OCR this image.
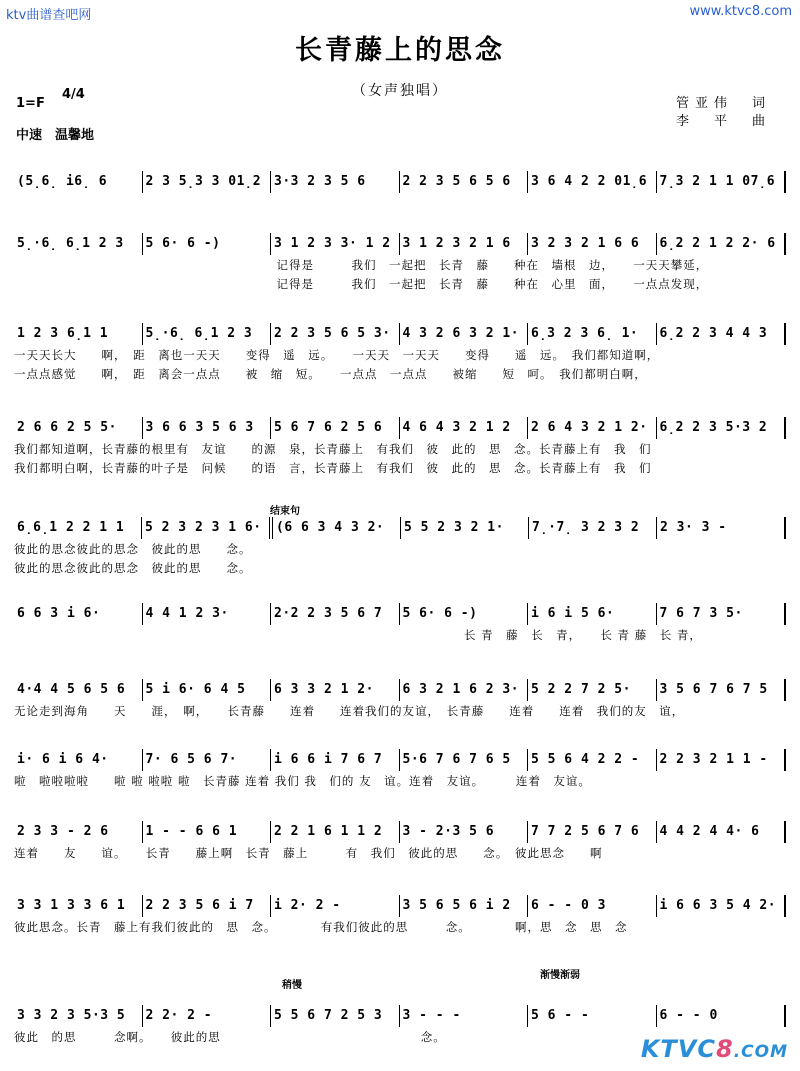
ktv曲谱查吧网	www.ktvc8.com
长青藤上的思念
（女声独唱）
1=F
4/4
中速　温馨地
管亚伟　词
李　平　曲
结束句
稍慢
渐慢渐弱
(5̣6̣ i6̣ 6	2 3 5̣3 3 01̣2 3·3 2 3 5 6	2 2 3 5 6 5 6	3 6 4 2 2 01̣6 7̣3 2 1 1 07̣6
5̣·6̣ 6̣1 2 3	5 6· 6 -)	3 1 2 3 3· 1 2 3 1 2 3 2 1 6	3 2 3 2 1 6 6	6̣2 2 1 2 2· 6
　　　　　　　　　　　　　　　　　　　　　记得是　　　我们　一起把　长青　藤　　种在　墙根　边，　　一天天攀延，
　　　　　　　　　　　　　　　　　　　　　记得是　　　我们　一起把　长青　藤　　种在　心里　面，　　一点点发现，
1 2 3 6̣1 1	5̣·6̣ 6̣1 2 3	2 2 3 5 6 5 3· 4 3 2 6 3 2 1· 6̣3 2 3 6̣ 1·	6̣2 2 3 4 4 3
一天天长大　　啊，　距　离也一天天　　变得　遥　远。　　一天天　一天天　　变得　　遥　远。　我们都知道啊，
一点点感觉　　啊，　距　离会一点点　　被　缩　短。　　一点点　一点点　　被缩　　短　呵。　我们都明白啊，
2 6 6 2 5 5·	3 6 6 3 5 6 3	5 6 7 6 2 5 6	4 6 4 3 2 1 2	2 6 4 3 2 1 2· 6̣2 2 3 5·3 2
我们都知道啊，长青藤的根里有　友谊　　的源　泉，长青藤上　有我们　彼　此的　思　念。长青藤上有　我　们
我们都明白啊，长青藤的叶子是　问候　　的语　言，长青藤上　有我们　彼　此的　思　念。长青藤上有　我　们
6̣6̣1 2 2 1 1	5 2 3 2 3 1 6·	(6 6 3 4 3 2·	5 5 2 3 2 1·	7̣·7̣ 3 2 3 2	2 3· 3 -
彼此的思念彼此的思念　彼此的思　　念。
彼此的思念彼此的思念　彼此的思　　念。
6 6 3 i 6·	4 4 1 2 3·	2·2 2 3 5 6 7	5 6· 6 -)	i 6 i 5 6·	7 6 7 3 5·
　　　　　　　　　　　　　　　　　　　　　　　　　　　　　　　　　　　　长 青　藤　长　青，　　长 青 藤　长 青，
4·4 4 5 6 5 6	5 i 6· 6 4 5	6 3 3 2 1 2·	6 3 2 1 6 2 3· 5 2 2 7 2 5·	3 5 6 7 6 7 5
无论走到海角　　天　　涯，　啊，　　长青藤　　连着　　连着我们的友谊，　长青藤　　连着　　连着　我们的友　谊，
i· 6 i 6 4·	7· 6 5 6 7·	i 6 6 i 7 6 7	5·6 7 6 7 6 5	5 5 6 4 2 2 -	2 2 3 2 1 1 -
啦　啦啦啦啦　　啦 啦 啦啦 啦　长青藤 连着 我们 我　们的 友　谊。连着　友谊。　　　连着　友谊。
2 3 3 - 2 6	1 - - 6 6 1	2 2 1 6 1 1 2	3 - 2·3 5 6	7 7 2 5 6 7 6	4 4 2 4 4· 6
连着　　友　　谊。　　长青　　藤上啊　长青　藤上　　　有　我们　彼此的思　　念。　彼此思念　　啊
3 3 1 3 3 6 1	2 2 3 5 6 i 7	i 2· 2 -	3 5 6 5 6 i 2	6 - - 0 3	i 6 6 3 5 4 2·
彼此思念。长青　藤上有我们彼此的　思　念。　　　　有我们彼此的思　　　念。　　　　啊，思　念　思　念
3 3 2 3 5·3 5	2 2· 2 -	5 5 6 7 2 5 3	3 - - -	5 6 - -	6 - - 0
彼此　的思　　　念啊。　　彼此的思　　　　　　　　　　　　　　　　念。	KTVC8.COM
